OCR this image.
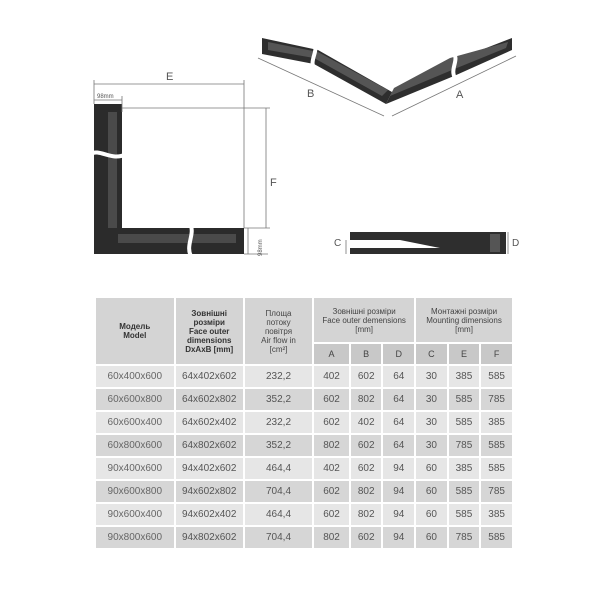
E
98mm
F
98mm
B	A
C	D
Модель
Model	Зовнішні
розміри
Face outer
dimensions
DxAxB [mm]	Площа
потоку
повітря
Air flow in
[cm²]	Зовнішні розміри
Face outer demensions
[mm]			Монтажні розміри
Mounting dimensions
[mm]		

			A	B	D	C	E	F
60x400x600	64x402x602	232,2	402	602	64	30	385	585
60x600x800	64x602x802	352,2	602	802	64	30	585	785
60x600x400	64x602x402	232,2	602	402	64	30	585	385
60x800x600	64x802x602	352,2	802	602	64	30	785	585
90x400x600	94x402x602	464,4	402	602	94	60	385	585
90x600x800	94x602x802	704,4	602	802	94	60	585	785
90x600x400	94x602x402	464,4	602	802	94	60	585	385
90x800x600	94x802x602	704,4	802	602	94	60	785	585
